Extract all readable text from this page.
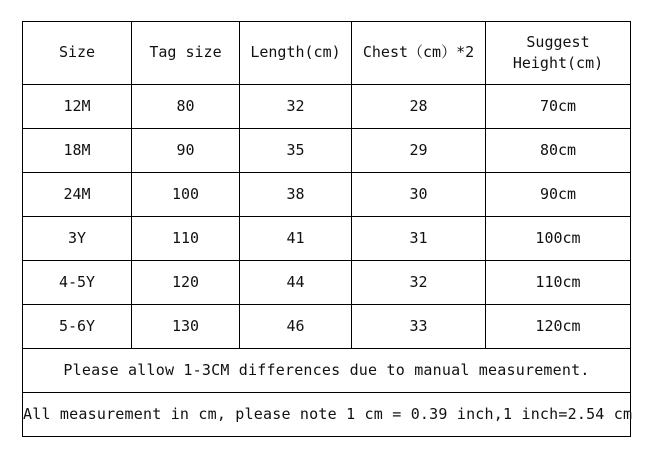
Size	Tag size	Length(cm)	Chest（cm）*2	Suggest
Height(cm)

12M	80	32	28	70cm
18M	90	35	29	80cm
24M	100	38	30	90cm
3Y	110	41	31	100cm
4-5Y	120	44	32	110cm
5-6Y	130	46	33	120cm
Please allow 1-3CM differences due to manual measurement.				
All measurement in cm, please note 1 cm = 0.39 inch,1 inch=2.54 cm				
